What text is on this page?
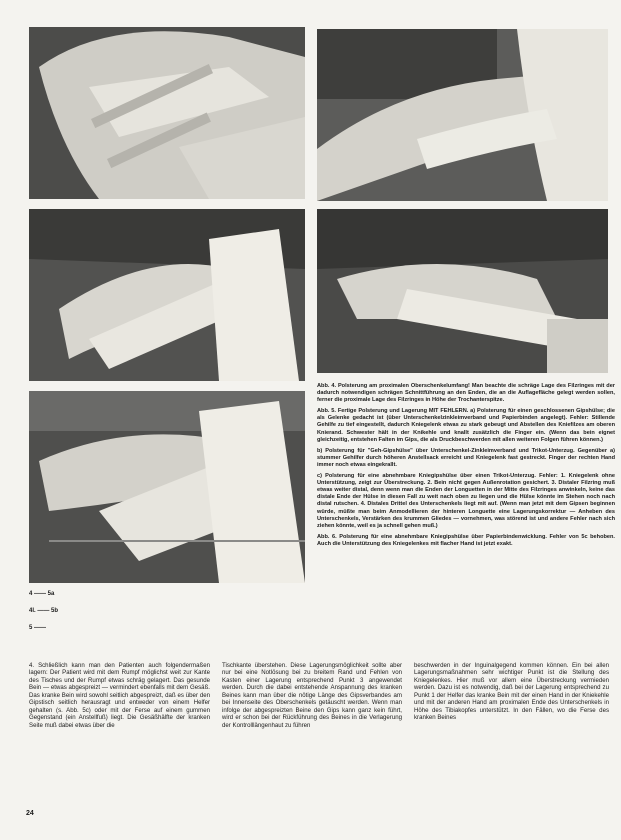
4 —— 5a
4l. —— 5b
5 ——

Abb. 4. Polsterung am proximalen Oberschenkelumfang! Man beachte die schräge Lage des Filzringes mit der dadurch notwendigen schrägen Schnittführung an den Enden, die an die Auflagefläche gelegt werden sollen, ferner die proximale Lage des Filzringes in Höhe der Trochanterspitze.

Abb. 5. Fertige Polsterung und Lagerung MIT FEHLERN. a) Polsterung für einen geschlossenen Gipshülse; die als Gelenke gedacht ist (über Unterschenkelzinkleimverband und Papierbinden angelegt). Fehler: Stillende Gehilfe zu tief eingestellt, dadurch Kniegelenk etwas zu stark gebeugt und Abstellen des Kniefilzes am oberen Knierand. Schwester hält in der Knikehle und knallt zusätzlich die Finger ein. (Wenn das bein eignet gleichzeitig, entstehen Falten im Gips, die als Druckbeschwerden mit allen weiteren Folgen führen können.)

b) Polsterung für "Geh-Gipshülse" über Unterschenkel-Zinkleimverband und Trikot-Unterzug. Gegenüber a) stummer Gehilfer durch höheren Anstellsack erreicht und Kniegelenk fast gestreckt. Finger der rechten Hand immer noch etwas eingekrallt.

c) Polsterung für eine abnehmbare Kniegipshülse über einen Trikot-Unterzug. Fehler: 1. Kniegelenk ohne Unterstützung, zeigt zur Überstreckung. 2. Bein nicht gegen Außenrotation gesichert. 3. Distaler Filzring muß etwas weiter distal, denn wenn man die Enden der Longuetten in der Mitte des Filzringes anwinkeln, keine das distale Ende der Hülse in diesen Fall zu weit nach oben zu liegen und die Hülse könnte im Stehen noch nach distal rutschen. 4. Distales Drittel des Unterschenkels liegt mit auf. (Wenn man jetzt mit dem Gipsen beginnen würde, müßte man beim Anmodellieren der hinteren Longuette eine Lagerungskorrektur — Anheben des Unterschenkels, Verstärken des krummen Gliedes — vornehmen, was störend ist und andere Fehler nach sich ziehen könnte, weil es ja schnell gehen muß.)

Abb. 6. Polsterung für eine abnehmbare Kniegipshülse über Papierbindenwicklung. Fehler von 5c behoben. Auch die Unterstützung des Kniegelenkes mit flacher Hand ist jetzt exakt.

4. Schließlich kann man den Patienten auch folgendermaßen lagern: Der Patient wird mit dem Rumpf möglichst weit zur Kante des Tisches und der Rumpf etwas schräg gelagert. Das gesunde Bein — etwas abgespreizt — vermindert ebenfalls mit dem Gesäß. Das kranke Bein wird sowohl seitlich abgespreizt, daß es über den Gipstisch seitlich herausragt und entweder von einem Helfer gehalten (s. Abb. 5c) oder mit der Ferse auf einem gummen Gegenstand (ein Anstellfuß) liegt. Die Gesäßhälfte der kranken Seite muß dabei etwas über die

Tischkante überstehen. Diese Lagerungsmöglichkeit sollte aber nur bei eine Notlösung bei zu breitem Rand und Fehlen von Kasten einer Lagerung entsprechend Punkt 3 angewendet werden. Durch die dabei entstehende Anspannung des kranken Beines kann man über die nötige Länge des Gipsverbandes am bei Innenseite des Oberschenkels getäuscht werden. Wenn man infolge der abgespreizten Beine den Gips kann ganz kein führt, wird er schon bei der Rückführung des Beines in die Verlagerung der Kontrolllängenhaut zu führen

beschwerden in der Inguinalgegend kommen können. Ein bei allen Lagerungsmaßnahmen sehr wichtiger Punkt ist die Stellung des Kniegelenkes. Hier muß vor allem eine Überstreckung vermieden werden. Dazu ist es notwendig, daß bei der Lagerung entsprechend zu Punkt 1 der Helfer das kranke Bein mit der einen Hand in der Kniekehle und mit der anderen Hand am proximalen Ende des Unterschenkels in Höhe des Tibiakopfes unterstützt. In den Fällen, wo die Ferse des kranken Beines

24
